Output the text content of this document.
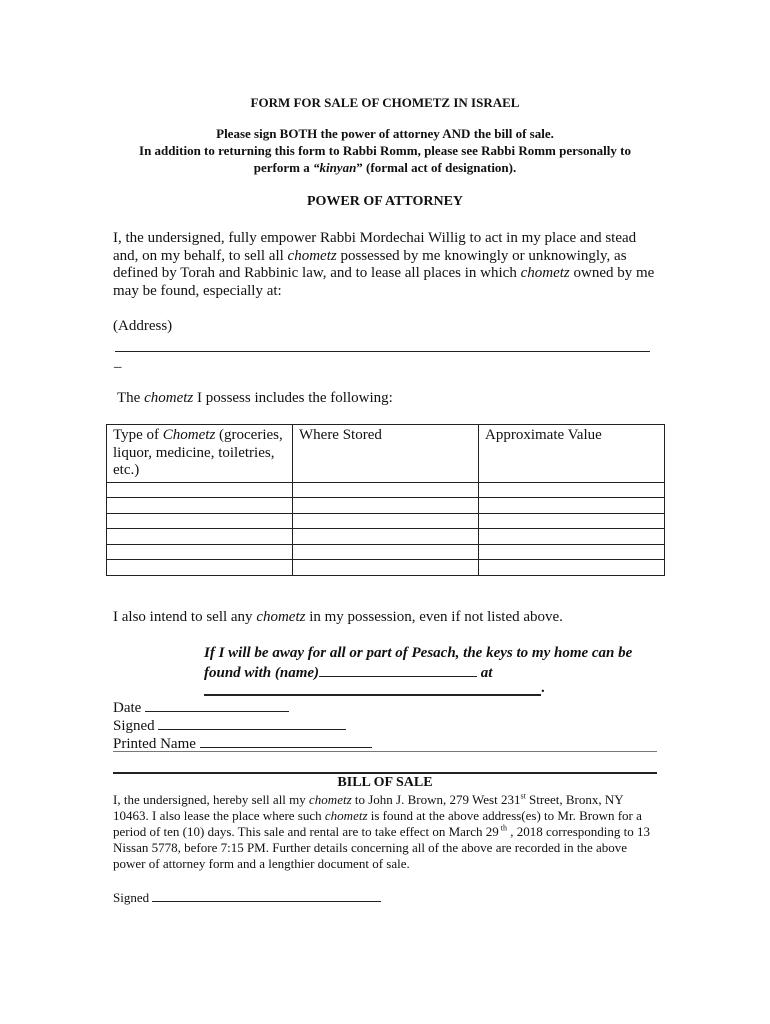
FORM FOR SALE OF CHOMETZ IN ISRAEL
Please sign BOTH the power of attorney AND the bill of sale.
In addition to returning this form to Rabbi Romm, please see Rabbi Romm personally to
perform a “kinyan” (formal act of designation).
POWER OF ATTORNEY
I, the undersigned, fully empower Rabbi Mordechai Willig to act in my place and stead and, on my behalf, to sell all chometz possessed by me knowingly or unknowingly, as defined by Torah and Rabbinic law, and to lease all places in which chometz owned by me may be found, especially at:
(Address)
_
The chometz I possess includes the following:
Type of Chometz (groceries, liquor, medicine, toiletries, etc.)	Where Stored	Approximate Value

I also intend to sell any chometz in my possession, even if not listed above.
If I will be away for all or part of Pesach, the keys to my home can be
found with (name)	at
.
Date
Signed
Printed Name
BILL OF SALE
I, the undersigned, hereby sell all my chometz to John J. Brown, 279 West 231st Street, Bronx, NY 10463. I also lease the place where such chometz is found at the above address(es) to Mr. Brown for a period of ten (10) days. This sale and rental are to take effect on March 29 $^{th}$ , 2018 corresponding to 13 Nissan 5778, before 7:15 PM. Further details concerning all of the above are recorded in the above power of attorney form and a lengthier document of sale.
Signed
